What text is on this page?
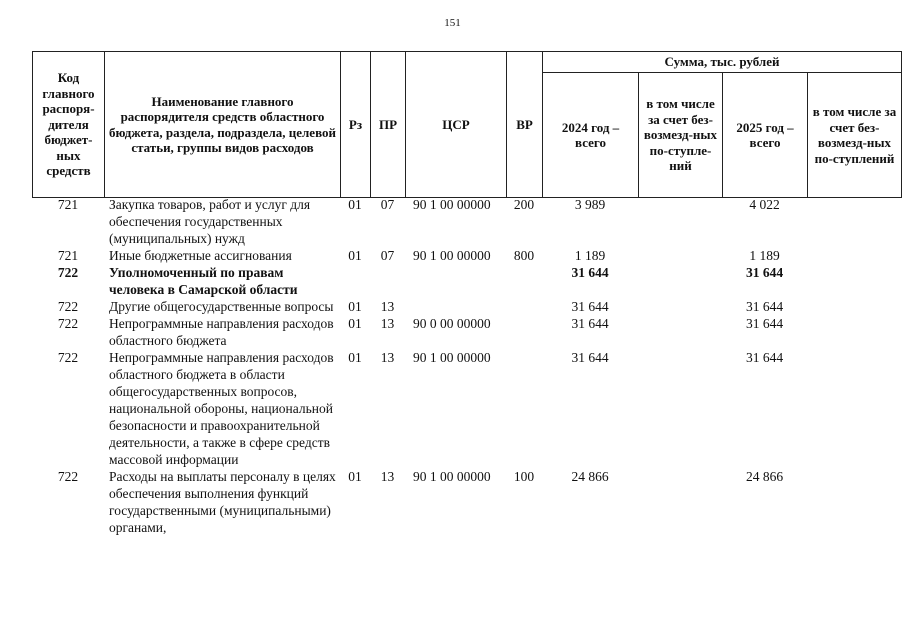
151
Код главного распоря-дителя бюджет-ных средств	Наименование главного распорядителя средств областного бюджета, раздела, подраздела, целевой статьи, группы видов расходов	Рз	ПР	ЦСР	ВР	Сумма, тыс. рублей			
						2024 год – всего	в том числе за счет без-возмезд-ных по-ступле-ний	2025 год – всего	в том числе за счет без-возмезд-ных по-ступлений
721	Закупка товаров, работ и услуг для обеспечения государственных (муниципальных) нужд	01	07	90 1 00 00000	200	3 989		4 022	
721	Иные бюджетные ассигнования	01	07	90 1 00 00000	800	1 189		1 189	
722	Уполномоченный по правам человека в Самарской области					31 644		31 644	
722	Другие общегосударственные вопросы	01	13			31 644		31 644	
722	Непрограммные направления расходов областного бюджета	01	13	90 0 00 00000		31 644		31 644	
722	Непрограммные направления расходов областного бюджета в области общегосударственных вопросов, национальной обороны, национальной безопасности и правоохранительной деятельности, а также в сфере средств массовой информации	01	13	90 1 00 00000		31 644		31 644	
722	Расходы на выплаты персоналу в целях обеспечения выполнения функций государственными (муниципальными) органами,	01	13	90 1 00 00000	100	24 866		24 866	
